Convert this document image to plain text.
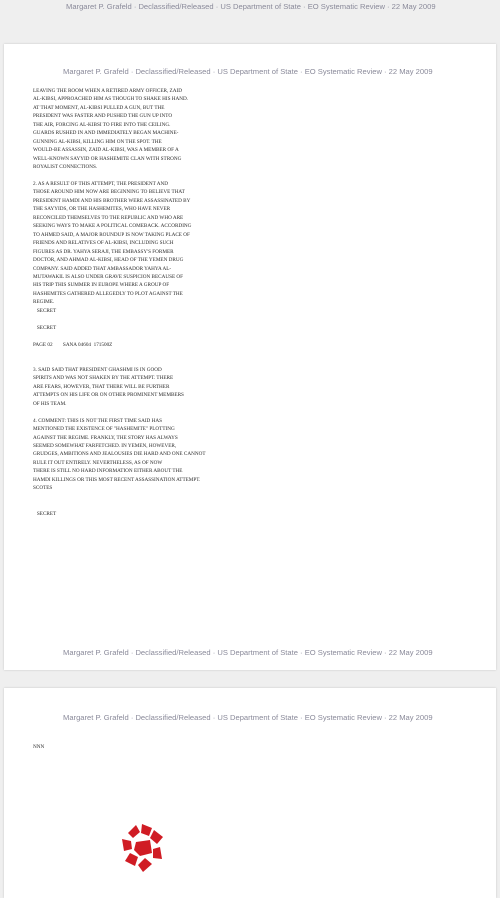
Margaret P. Grafeld · Declassified/Released · US Department of State · EO Systematic Review · 22 May 2009
Margaret P. Grafeld · Declassified/Released · US Department of State · EO Systematic Review · 22 May 2009
LEAVING THE ROOM WHEN A RETIRED ARMY OFFICER, ZAID
AL-KIBSI, APPROACHED HIM AS THOUGH TO SHAKE HIS HAND.
AT THAT MOMENT, AL-KIBSI PULLED A GUN, BUT THE
PRESIDENT WAS FASTER AND PUSHED THE GUN UP INTO
THE AIR, FORCING AL-KIBSI TO FIRE INTO THE CEILING.
GUARDS RUSHED IN AND IMMEDIATELY BEGAN MACHINE-
GUNNING AL-KIBSI, KILLING HIM ON THE SPOT. THE
WOULD-BE ASSASSIN, ZAID AL-KIBSI, WAS A MEMBER OF A
WELL-KNOWN SAYYID OR HASHEMITE CLAN WITH STRONG
ROYALIST CONNECTIONS.

2. AS A RESULT OF THIS ATTEMPT, THE PRESIDENT AND
THOSE AROUND HIM NOW ARE BEGINNING TO BELIEVE THAT
PRESIDENT HAMDI AND HIS BROTHER WERE ASSASSINATED BY
THE SAYYIDS, OR THE HASHEMITES, WHO HAVE NEVER
RECONCILED THEMSELVES TO THE REPUBLIC AND WHO ARE
SEEKING WAYS TO MAKE A POLITICAL COMEBACK. ACCORDING
TO AHMED SAID, A MAJOR ROUNDUP IS NOW TAKING PLACE OF
FRIENDS AND RELATIVES OF AL-KIBSI, INCLUDING SUCH
FIGURES AS DR. YAHYA SERAJI, THE EMBASSY'S FORMER
DOCTOR, AND AHMAD AL-KIBSI, HEAD OF THE YEMEN DRUG
COMPANY. SAID ADDED THAT AMBASSADOR YAHYA AL-
MUTAWAKIL IS ALSO UNDER GRAVE SUSPICION BECAUSE OF
HIS TRIP THIS SUMMER IN EUROPE WHERE A GROUP OF
HASHEMITES GATHERED ALLEGEDLY TO PLOT AGAINST THE
REGIME.
SECRET

SECRET

PAGE 02        SANA 04604  171500Z

3. SAID SAID THAT PRESIDENT GHASHMI IS IN GOOD
SPIRITS AND WAS NOT SHAKEN BY THE ATTEMPT. THERE
ARE FEARS, HOWEVER, THAT THERE WILL BE FURTHER
ATTEMPTS ON HIS LIFE OR ON OTHER PROMINENT MEMBERS
OF HIS TEAM.

4. COMMENT: THIS IS NOT THE FIRST TIME SAID HAS
MENTIONED THE EXISTENCE OF "HASHEMITE" PLOTTING
AGAINST THE REGIME. FRANKLY, THE STORY HAS ALWAYS
SEEMED SOMEWHAT FARFETCHED. IN YEMEN, HOWEVER,
GRUDGES, AMBITIONS AND JEALOUSIES DIE HARD AND ONE CANNOT
RULE IT OUT ENTIRELY. NEVERTHELESS, AS OF NOW
THERE IS STILL NO HARD INFORMATION EITHER ABOUT THE
HAMDI KILLINGS OR THIS MOST RECENT ASSASSINATION ATTEMPT.
SCOTES

SECRET
Margaret P. Grafeld · Declassified/Released · US Department of State · EO Systematic Review · 22 May 2009
Margaret P. Grafeld · Declassified/Released · US Department of State · EO Systematic Review · 22 May 2009
NNN
